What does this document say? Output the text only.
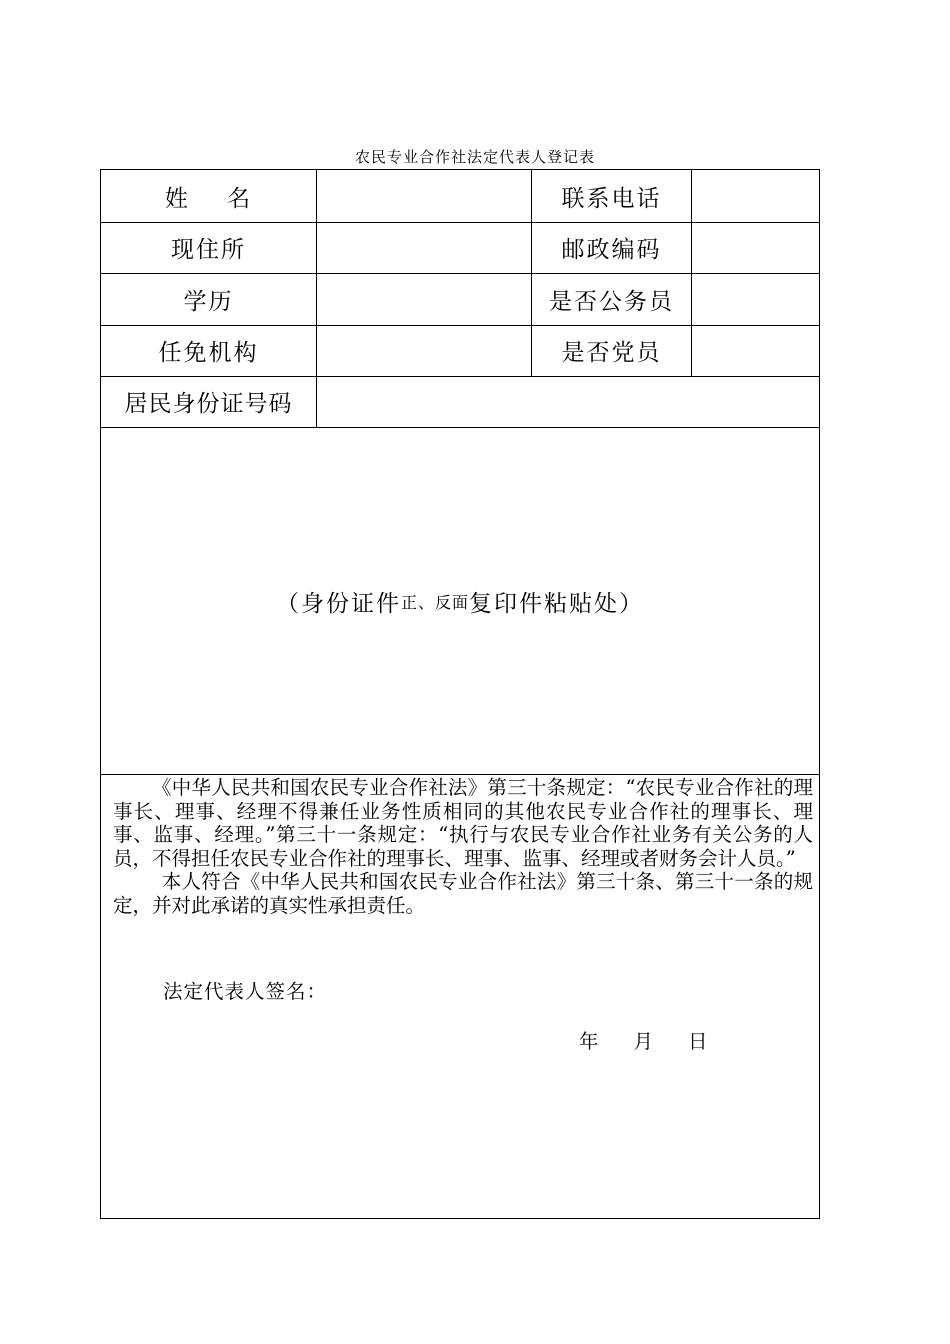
农民专业合作社法定代表人登记表
姓    名	联系电话
现住所	邮政编码
学历	是否公务员
任免机构	是否党员
居民身份证号码
（身份证件 正、反面 复印件粘贴处）

《中华人民共和国农民专业合作社法》第三十条规定：“农民专业合作社的理事长、理事、经理不得兼任业务性质相同的其他农民专业合作社的理事长、理事、监事、经理。”第三十一条规定：“执行与农民专业合作社业务有关公务的人员，不得担任农民专业合作社的理事长、理事、监事、经理或者财务会计人员。”

本人符合《中华人民共和国农民专业合作社法》第三十条、第三十一条的规定，并对此承诺的真实性承担责任。

法定代表人签名：
年 月 日
